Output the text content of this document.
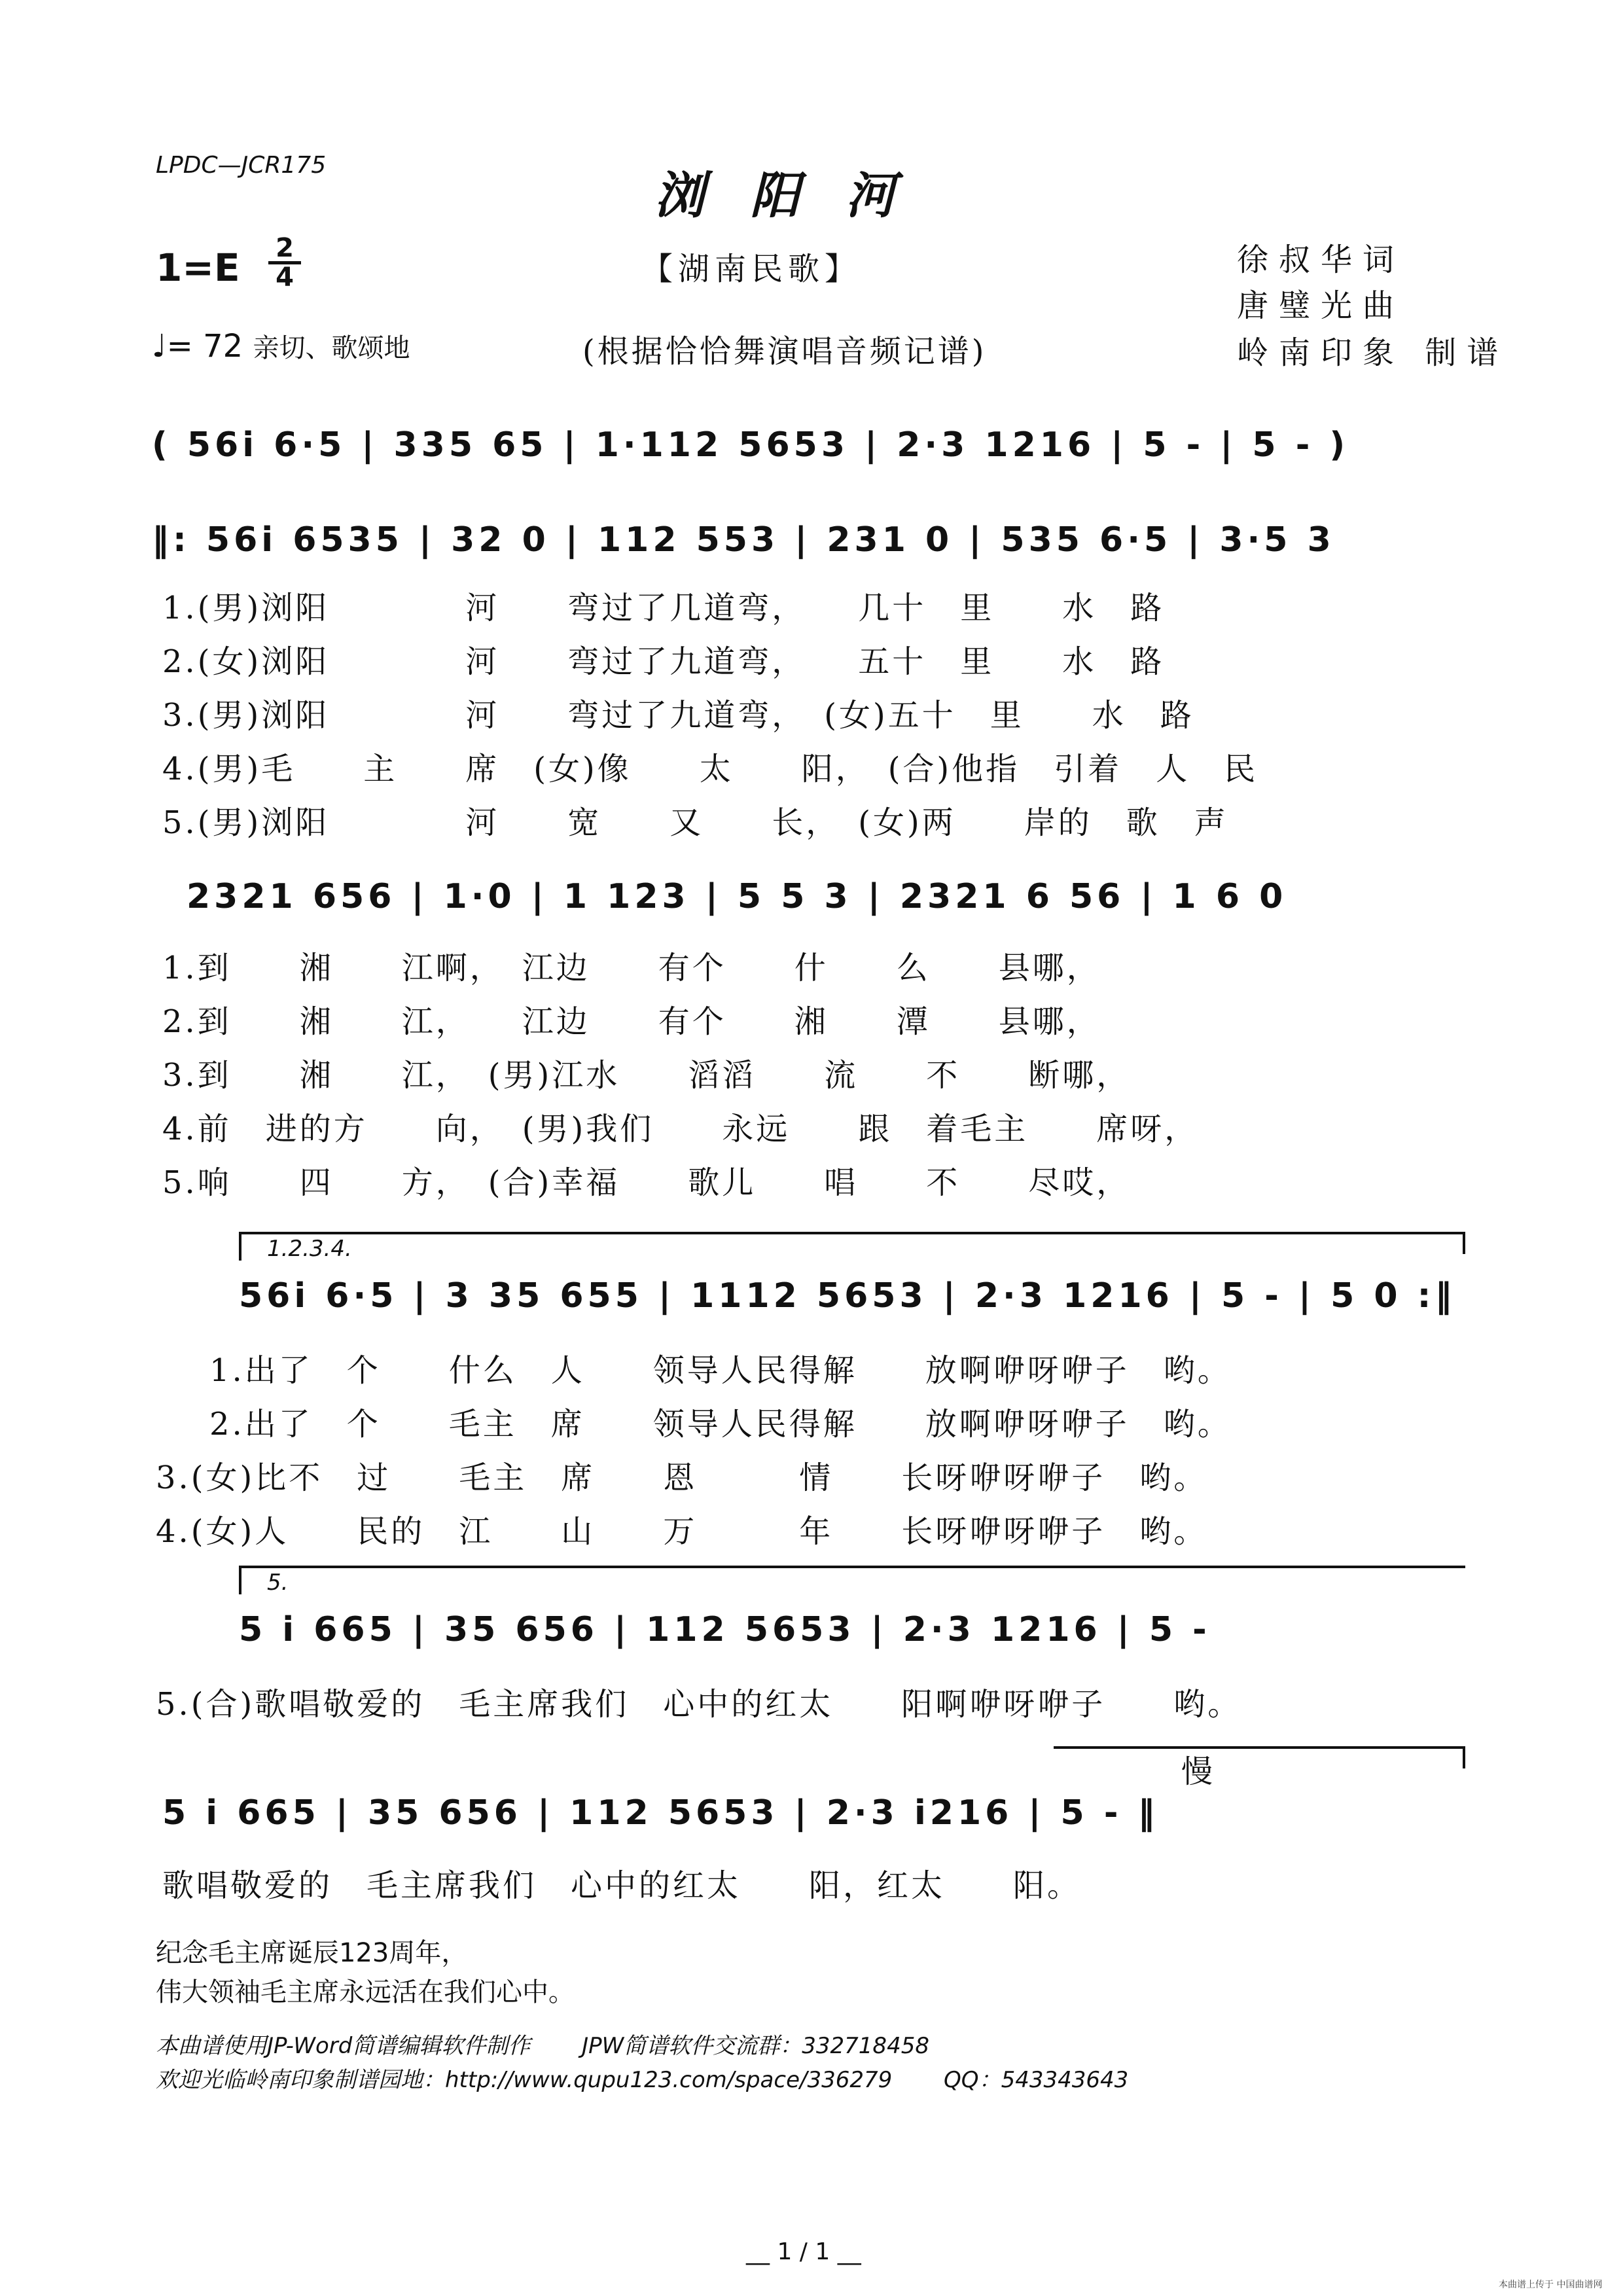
LPDC—JCR175
浏阳河
1=E 2
4
♩= 72 亲切、歌颂地
【湖南民歌】
(根据恰恰舞演唱音频记谱)
徐叔华词
唐璧光曲
岭南印象 制谱
( 56i̇ 6·5 | 335 65 | 1·112 5653 | 2·3 1216 | 5 - | 5 - )
‖: 56i̇ 6535 | 32 0 | 112 553 | 231 0 | 535 6·5 | 3·5 3
1.(男)浏阳　　　　河　　弯过了几道弯，　　几十　里　　水　路
2.(女)浏阳　　　　河　　弯过了九道弯，　　五十　里　　水　路
3.(男)浏阳　　　　河　　弯过了九道弯，　(女)五十　里　　水　路
4.(男)毛　　主　　席　(女)像　　太　　阳，　(合)他指　引着　人　民
5.(男)浏阳　　　　河　　宽　　又　　长，　(女)两　　岸的　歌　声
2321 656 | 1·0 | 1 123 | 5 5 3 | 2321 6 56 | 1 6 0
1.到　　湘　　江啊，　江边　　有个　　什　　么　　县哪，
2.到　　湘　　江，　　江边　　有个　　湘　　潭　　县哪，
3.到　　湘　　江，　(男)江水　　滔滔　　流　　不　　断哪，
4.前　进的方　　向，　(男)我们　　永远　　跟　着毛主　　席呀，
5.响　　四　　方，　(合)幸福　　歌儿　　唱　　不　　尽哎，
1.2.3.4.
56i̇ 6·5 | 3 35 655 | 1112 5653 | 2·3 1216 | 5 - | 5 0 :‖
1.出了　个　　什么　人　　领导人民得解　　放啊咿呀咿子　哟。
2.出了　个　　毛主　席　　领导人民得解　　放啊咿呀咿子　哟。
3.(女)比不　过　　毛主　席　　恩　　　情　　长呀咿呀咿子　哟。
4.(女)人　　民的　江　　山　　万　　　年　　长呀咿呀咿子　哟。
5.
5 i̇ 665 | 35 656 | 112 5653 | 2·3 1216 | 5 -
5.(合)歌唱敬爱的　毛主席我们　心中的红太　　阳啊咿呀咿子　　哟。
慢
5 i̇ 665 | 35 656 | 112 5653 | 2·3 i̇216 | 5 - ‖
歌唱敬爱的　毛主席我们　心中的红太　　阳，红太　　阳。
纪念毛主席诞辰123周年，
伟大领袖毛主席永远活在我们心中。
本曲谱使用JP-Word简谱编辑软件制作　　 JPW简谱软件交流群：332718458
欢迎光临岭南印象制谱园地：http://www.qupu123.com/space/336279　　 QQ：543343643
__ 1 / 1 __
本曲谱上传于 中国曲谱网
